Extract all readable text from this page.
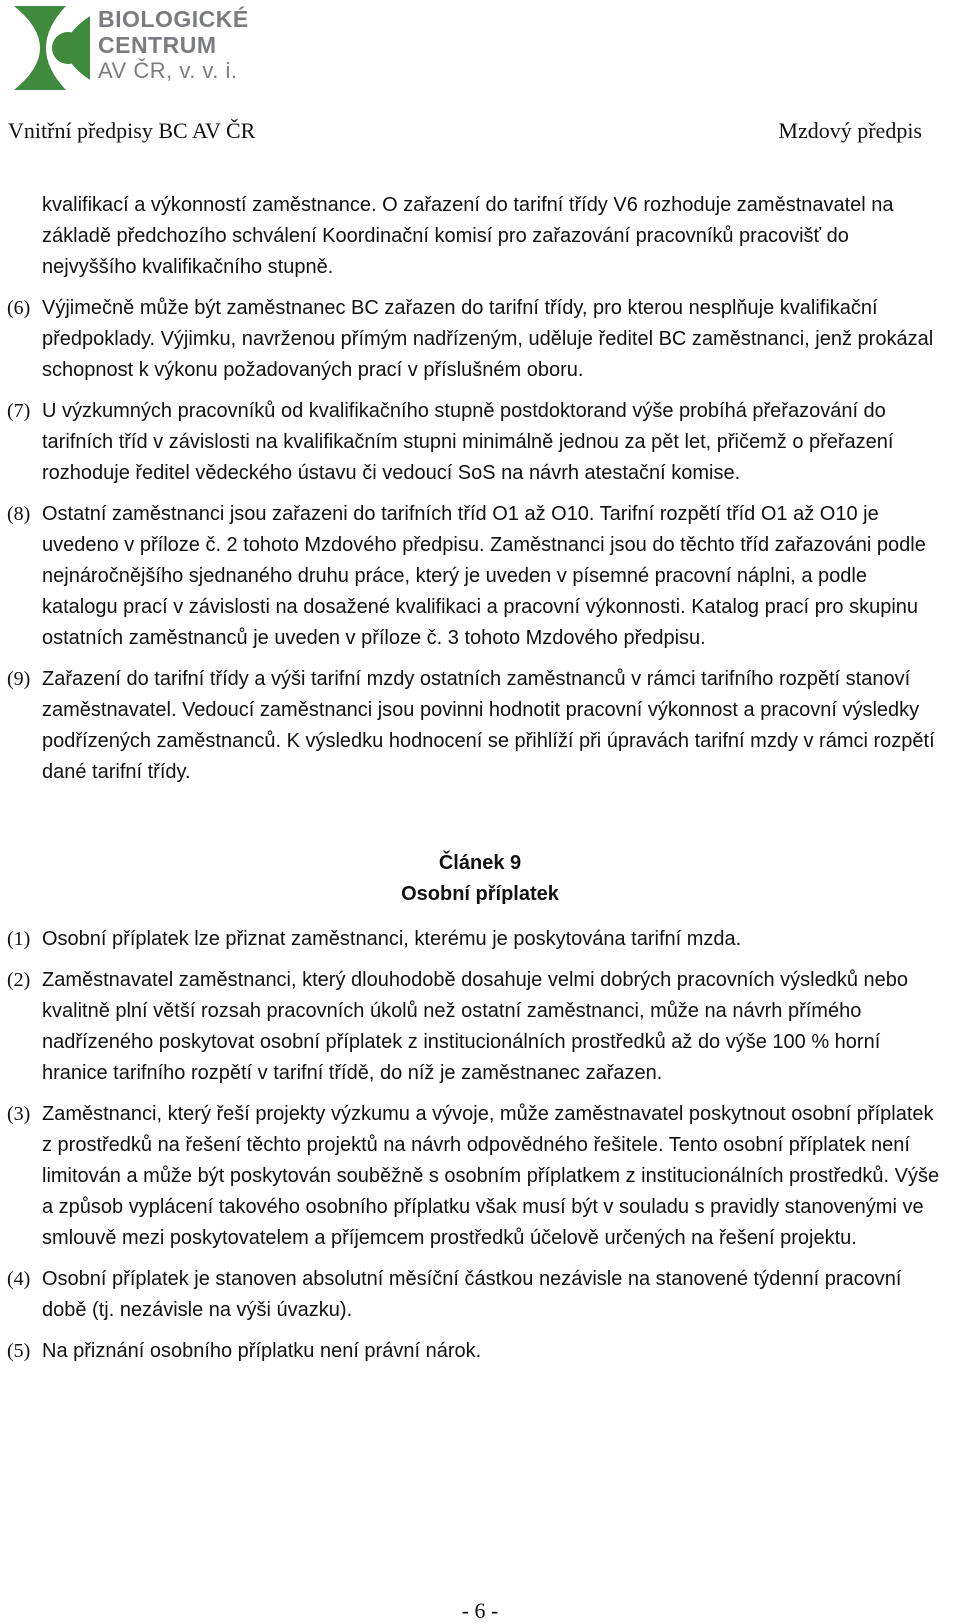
BIOLOGICKÉ
CENTRUM
AV ČR, v. v. i.
Vnitřní předpisy BC AV ČR	Mzdový předpis

kvalifikací a výkonností zaměstnance. O zařazení do tarifní třídy V6 rozhoduje zaměstnavatel na základě předchozího schválení Koordinační komisí pro zařazování pracovníků pracovišť do nejvyššího kvalifikačního stupně.

(6) Výjimečně může být zaměstnanec BC zařazen do tarifní třídy, pro kterou nesplňuje kvalifikační předpoklady. Výjimku, navrženou přímým nadřízeným, uděluje ředitel BC zaměstnanci, jenž prokázal schopnost k výkonu požadovaných prací v příslušném oboru.
(7) U výzkumných pracovníků od kvalifikačního stupně postdoktorand výše probíhá přeřazování do tarifních tříd v závislosti na kvalifikačním stupni minimálně jednou za pět let, přičemž o přeřazení rozhoduje ředitel vědeckého ústavu či vedoucí SoS na návrh atestační komise.
(8) Ostatní zaměstnanci jsou zařazeni do tarifních tříd O1 až O10. Tarifní rozpětí tříd O1 až O10 je uvedeno v příloze č. 2 tohoto Mzdového předpisu. Zaměstnanci jsou do těchto tříd zařazováni podle nejnáročnějšího sjednaného druhu práce, který je uveden v písemné pracovní náplni, a podle katalogu prací v závislosti na dosažené kvalifikaci a pracovní výkonnosti. Katalog prací pro skupinu ostatních zaměstnanců je uveden v příloze č. 3 tohoto Mzdového předpisu.
(9) Zařazení do tarifní třídy a výši tarifní mzdy ostatních zaměstnanců v rámci tarifního rozpětí stanoví zaměstnavatel. Vedoucí zaměstnanci jsou povinni hodnotit pracovní výkonnost a pracovní výsledky podřízených zaměstnanců. K výsledku hodnocení se přihlíží při úpravách tarifní mzdy v rámci rozpětí dané tarifní třídy.
Článek 9
Osobní příplatek
(1) Osobní příplatek lze přiznat zaměstnanci, kterému je poskytována tarifní mzda.
(2) Zaměstnavatel zaměstnanci, který dlouhodobě dosahuje velmi dobrých pracovních výsledků nebo kvalitně plní větší rozsah pracovních úkolů než ostatní zaměstnanci, může na návrh přímého nadřízeného poskytovat osobní příplatek z institucionálních prostředků až do výše 100 % horní hranice tarifního rozpětí v tarifní třídě, do níž je zaměstnanec zařazen.
(3) Zaměstnanci, který řeší projekty výzkumu a vývoje, může zaměstnavatel poskytnout osobní příplatek z prostředků na řešení těchto projektů na návrh odpovědného řešitele. Tento osobní příplatek není limitován a může být poskytován souběžně s osobním příplatkem z institucionálních prostředků. Výše a způsob vyplácení takového osobního příplatku však musí být v souladu s pravidly stanovenými ve smlouvě mezi poskytovatelem a příjemcem prostředků účelově určených na řešení projektu.
(4) Osobní příplatek je stanoven absolutní měsíční částkou nezávisle na stanovené týdenní pracovní době (tj. nezávisle na výši úvazku).
(5) Na přiznání osobního příplatku není právní nárok.
- 6 -
